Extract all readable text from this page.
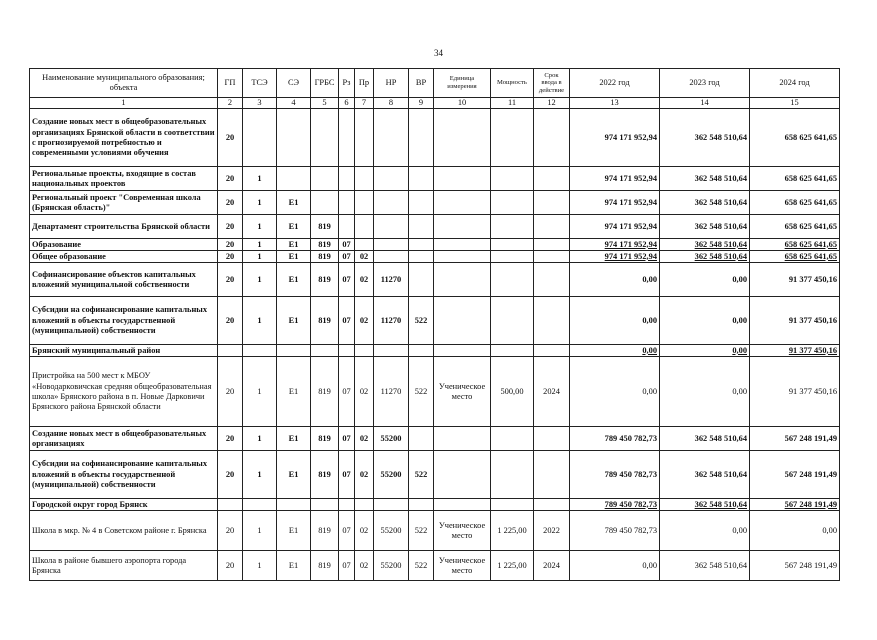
34
Наименование муниципального образования; объекта	ГП	ТСЭ	СЭ	ГРБС	Рз	Пр	НР	ВР	Единица измерения	Мощность	Срок ввода в действие	2022 год	2023 год	2024 год
1	2	3	4	5	6	7	8	9	10	11	12	13	14	15
Создание новых мест в общеобразовательных организациях Брянской области в соответствии с прогнозируемой потребностью и современными условиями обучения	20											974 171 952,94	362 548 510,64	658 625 641,65
Региональные проекты, входящие в состав национальных проектов	20	1										974 171 952,94	362 548 510,64	658 625 641,65
Региональный проект "Современная школа (Брянская область)"	20	1	Е1									974 171 952,94	362 548 510,64	658 625 641,65
Департамент строительства Брянской области	20	1	Е1	819								974 171 952,94	362 548 510,64	658 625 641,65
Образование	20	1	Е1	819	07							974 171 952,94	362 548 510,64	658 625 641,65
Общее образование	20	1	Е1	819	07	02						974 171 952,94	362 548 510,64	658 625 641,65
Софинансирование объектов капитальных вложений муниципальной собственности	20	1	Е1	819	07	02	11270					0,00	0,00	91 377 450,16
Субсидии на софинансирование капитальных вложений в объекты государственной (муниципальной) собственности	20	1	Е1	819	07	02	11270	522				0,00	0,00	91 377 450,16
Брянский муниципальный район												0,00	0,00	91 377 450,16
Пристройка на 500 мест к МБОУ «Новодарковичская средняя общеобразовательная школа» Брянского района в п. Новые Дарковичи Брянского района Брянской области	20	1	Е1	819	07	02	11270	522	Ученическое место	500,00	2024	0,00	0,00	91 377 450,16
Создание новых мест в общеобразовательных организациях	20	1	Е1	819	07	02	55200					789 450 782,73	362 548 510,64	567 248 191,49
Субсидии на софинансирование капитальных вложений в объекты государственной (муниципальной) собственности	20	1	Е1	819	07	02	55200	522				789 450 782,73	362 548 510,64	567 248 191,49
Городской округ город Брянск												789 450 782,73	362 548 510,64	567 248 191,49
Школа в мкр. № 4 в Советском районе г. Брянска	20	1	Е1	819	07	02	55200	522	Ученическое место	1 225,00	2022	789 450 782,73	0,00	0,00
Школа в районе бывшего аэропорта города Брянска	20	1	Е1	819	07	02	55200	522	Ученическое место	1 225,00	2024	0,00	362 548 510,64	567 248 191,49
